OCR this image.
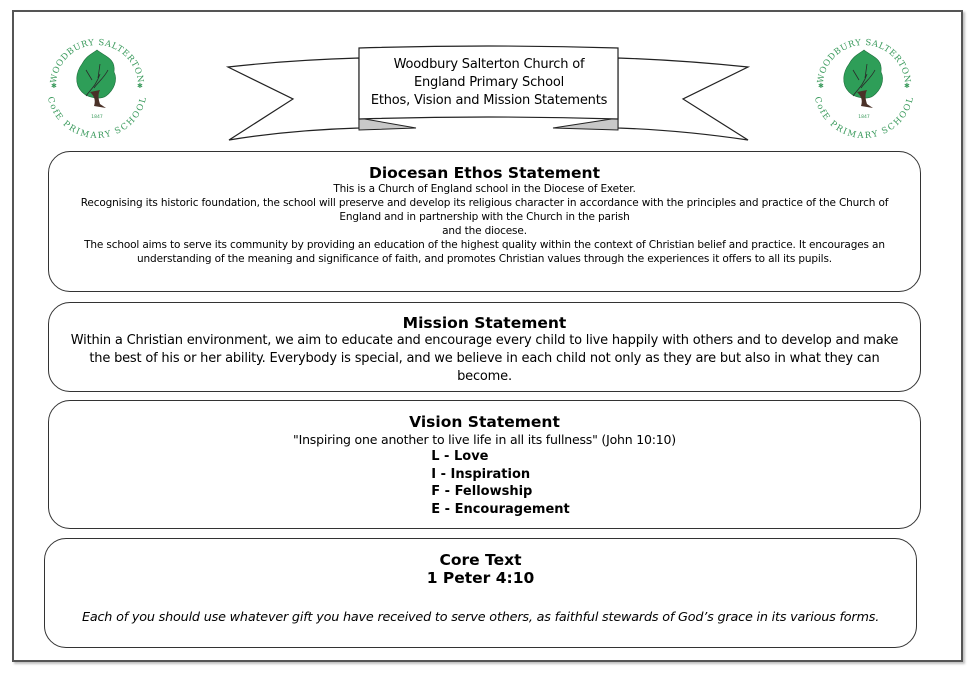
WOODBURY SALTERTON
CofE PRIMARY SCHOOL
✱	✱
1847
WOODBURY SALTERTON
CofE PRIMARY SCHOOL
✱	✱
1847
Woodbury Salterton Church of
England Primary School
Ethos, Vision and Mission Statements
Diocesan Ethos Statement
This is a Church of England school in the Diocese of Exeter.
Recognising its historic foundation, the school will preserve and develop its religious character in accordance with the principles and practice of the Church of
England and in partnership with the Church in the parish
and the diocese.
The school aims to serve its community by providing an education of the highest quality within the context of Christian belief and practice. It encourages an
understanding of the meaning and significance of faith, and promotes Christian values through the experiences it offers to all its pupils.
Mission Statement
Within a Christian environment, we aim to educate and encourage every child to live happily with others and to develop and make the best of his or her ability. Everybody is special, and we believe in each child not only as they are but also in what they can become.
Vision Statement
"Inspiring one another to live life in all its fullness" (John 10:10)
L - Love
I - Inspiration
F - Fellowship
E - Encouragement
Core Text
1 Peter 4:10
Each of you should use whatever gift you have received to serve others, as faithful stewards of God’s grace in its various forms.
